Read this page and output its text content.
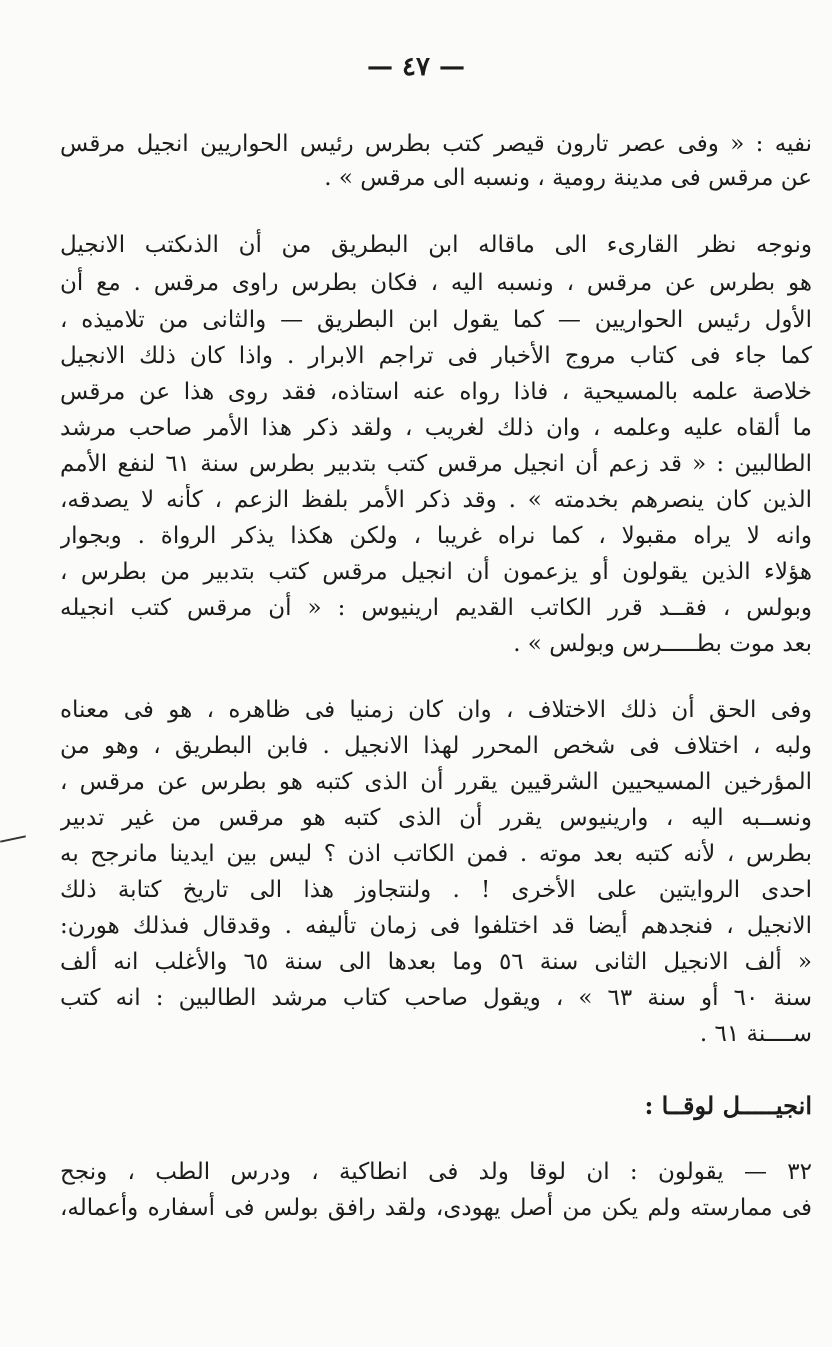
— ٤٧ —
نفيه : « وفى عصر تارون قيصر كتب بطرس رئيس الحواريين انجيل مرقس
عن مرقس فى مدينة رومية ، ونسبه الى مرقس » .
ونوجه نظر القارىء الى ماقاله ابن البطريق من أن الذىكتب الانجيل
هو بطرس عن مرقس ، ونسبه اليه ، فكان بطرس راوى مرقس . مع أن
الأول رئيس الحواريين — كما يقول ابن البطريق — والثانى من تلاميذه ،
كما جاء فى كتاب مروج الأخبار فى تراجم الابرار . واذا كان ذلك الانجيل
خلاصة علمه بالمسيحية ، فاذا رواه عنه استاذه، فقد روى هذا عن مرقس
ما ألقاه عليه وعلمه ، وان ذلك لغريب ، ولقد ذكر هذا الأمر صاحب مرشد
الطالبين : « قد زعم أن انجيل مرقس كتب بتدبير بطرس سنة ٦١ لنفع الأمم
الذين كان ينصرهم بخدمته » . وقد ذكر الأمر بلفظ الزعم ، كأنه لا يصدقه،
وانه لا يراه مقبولا ، كما نراه غريبا ، ولكن هكذا يذكر الرواة . وبجوار
هؤلاء الذين يقولون أو يزعمون أن انجيل مرقس كتب بتدبير من بطرس ،
وبولس ، فقــد قرر الكاتب القديم ارينيوس : « أن مرقس كتب انجيله
بعد موت بطـــــرس وبولس » .
وفى الحق أن ذلك الاختلاف ، وان كان زمنيا فى ظاهره ، هو فى معناه
ولبه ، اختلاف فى شخص المحرر لهذا الانجيل . فابن البطريق ، وهو من
المؤرخين المسيحيين الشرقيين يقرر أن الذى كتبه هو بطرس عن مرقس ،
ونســبه اليه ، وارينيوس يقرر أن الذى كتبه هو مرقس من غير تدبير
بطرس ، لأنه كتبه بعد موته . فمن الكاتب اذن ؟ ليس بين ايدينا مانرجح به
احدى الروايتين على الأخرى ! . ولنتجاوز هذا الى تاريخ كتابة ذلك
الانجيل ، فنجدهم أيضا قد اختلفوا فى زمان تأليفه . وقدقال فىذلك هورن:
« ألف الانجيل الثانى سنة ٥٦ وما بعدها الى سنة ٦٥ والأغلب انه ألف
سنة ٦٠ أو سنة ٦٣ » ، ويقول صاحب كتاب مرشد الطالبين : انه كتب
ســــنة ٦١ .
انجيـــــل لوقــا :
٣٢ — يقولون : ان لوقا ولد فى انطاكية ، ودرس الطب ، ونجح
فى ممارسته ولم يكن من أصل يهودى، ولقد رافق بولس فى أسفاره وأعماله،
